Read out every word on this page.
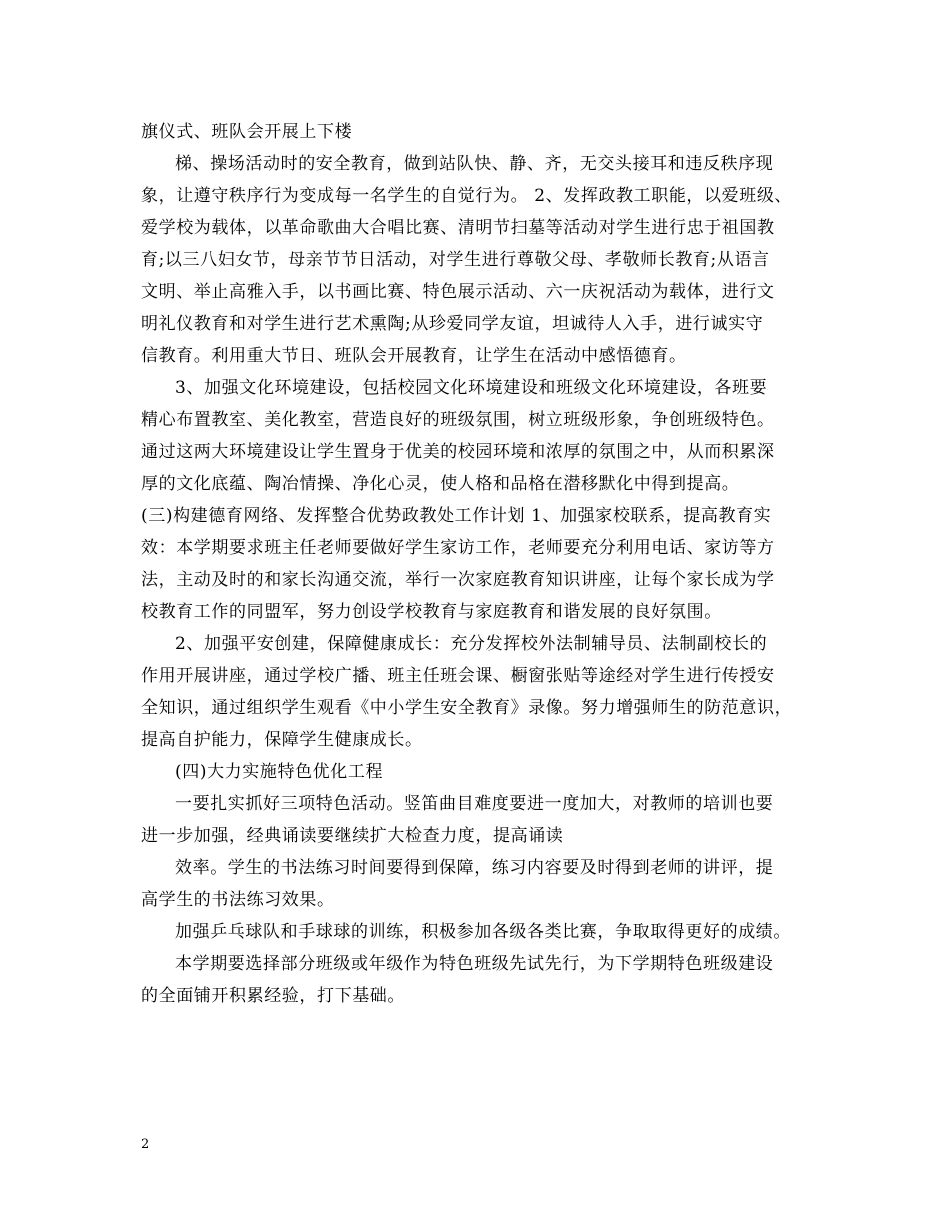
旗仪式、班队会开展上下楼
梯、操场活动时的安全教育，做到站队快、静、齐，无交头接耳和违反秩序现
象，让遵守秩序行为变成每一名学生的自觉行为。 2、发挥政教工职能，以爱班级、
爱学校为载体，以革命歌曲大合唱比赛、清明节扫墓等活动对学生进行忠于祖国教
育;以三八妇女节，母亲节节日活动，对学生进行尊敬父母、孝敬师长教育;从语言
文明、举止高雅入手，以书画比赛、特色展示活动、六一庆祝活动为载体，进行文
明礼仪教育和对学生进行艺术熏陶;从珍爱同学友谊，坦诚待人入手，进行诚实守
信教育。利用重大节日、班队会开展教育，让学生在活动中感悟德育。
3、加强文化环境建设，包括校园文化环境建设和班级文化环境建设，各班要
精心布置教室、美化教室，营造良好的班级氛围，树立班级形象，争创班级特色。
通过这两大环境建设让学生置身于优美的校园环境和浓厚的氛围之中，从而积累深
厚的文化底蕴、陶冶情操、净化心灵，使人格和品格在潜移默化中得到提高。
(三)构建德育网络、发挥整合优势政教处工作计划 1、加强家校联系，提高教育实
效：本学期要求班主任老师要做好学生家访工作，老师要充分利用电话、家访等方
法，主动及时的和家长沟通交流，举行一次家庭教育知识讲座，让每个家长成为学
校教育工作的同盟军，努力创设学校教育与家庭教育和谐发展的良好氛围。
2、加强平安创建，保障健康成长：充分发挥校外法制辅导员、法制副校长的
作用开展讲座，通过学校广播、班主任班会课、橱窗张贴等途经对学生进行传授安
全知识，通过组织学生观看《中小学生安全教育》录像。努力增强师生的防范意识，
提高自护能力，保障学生健康成长。
(四)大力实施特色优化工程
一要扎实抓好三项特色活动。竖笛曲目难度要进一度加大，对教师的培训也要
进一步加强，经典诵读要继续扩大检查力度，提高诵读
效率。学生的书法练习时间要得到保障，练习内容要及时得到老师的讲评，提
高学生的书法练习效果。
加强乒乓球队和手球球的训练，积极参加各级各类比赛，争取取得更好的成绩。
本学期要选择部分班级或年级作为特色班级先试先行，为下学期特色班级建设
的全面铺开积累经验，打下基础。
2
